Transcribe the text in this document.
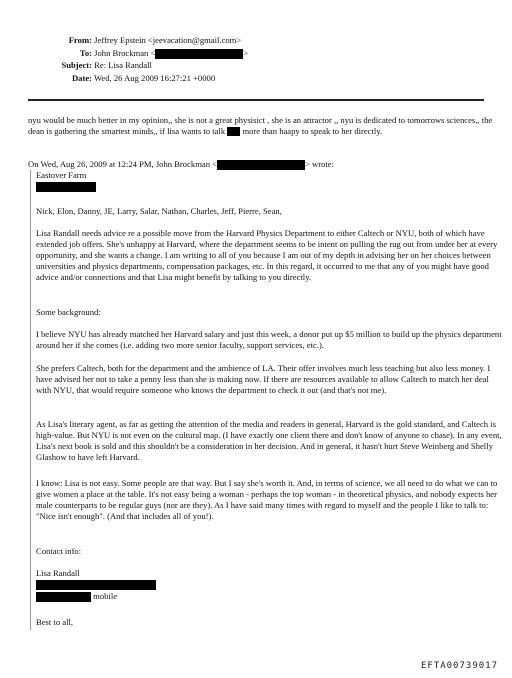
From: Jeffrey Epstein <jeevacation@gmail.com>
To: John Brockman <	>
Subject: Re: Lisa Randall
Date: Wed, 26 Aug 2009 16:27:21 +0000
nyu would be much better in my opinion,, she is not a great physisict , she is an attractor ,, nyu is dedicated to tomorrows sciences,, the dean is gathering the smartest minds,, if lisa wants to talk  more than haapy to speak to her directly.
On Wed, Aug 26, 2009 at 12:24 PM, John Brockman <	> wrote:
Eastover Farm
Nick, Elon, Danny, JE, Larry, Salar, Nathan, Charles, Jeff, Pierre, Sean,

Lisa Randall needs advice re a possible move from the Harvard Physics Department to either Caltech or NYU, both of which have extended job offers. She's unhappy at Harvard, where the department seems to be intent on pulling the rug out from under her at every opportunity, and she wants a change. I am writing to all of you because I am out of my depth in advising her on her choices between universities and physics departments, compensation packages, etc. In this regard, it occurred to me that any of you might have good advice and/or connections and that Lisa might benefit by talking to you directly.

Some background:

I believe NYU has already matched her Harvard salary and just this week, a donor put up $5 million to build up the physics department around her if she comes (i.e. adding two more senior faculty, support services, etc.).

She prefers Caltech, both for the department and the ambience of LA. Their offer involves much less teaching but also less money. I have advised her not to take a penny less than she is making now. If there are resources available to allow Caltech to match her deal with NYU, that would require someone who knows the department to check it out (and that's not me).

As Lisa's literary agent, as far as getting the attention of the media and readers in general, Harvard is the gold standard, and Caltech is high-value. But NYU is not even on the cultural map. (I have exactly one client there and don't know of anyone to chase). In any event, Lisa's next book is sold and this shouldn't be a consideration in her decision. And in general, it hasn't hurt Steve Weinberg and Shelly Glashow to have left Harvard.

I know: Lisa is not easy. Some people are that way. But I say she's worth it. And, in terms of science, we all need to do what we can to give women a place at the table. It's not easy being a woman - perhaps the top woman - in theoretical physics, and nobody expects her male counterparts to be regular guys (nor are they). As I have said many times with regard to myself and the people I like to talk to: "Nice isn't enough". (And that includes all of you!).

Contact info:
Lisa Randall
mobile
Best to all,
EFTA00739017
